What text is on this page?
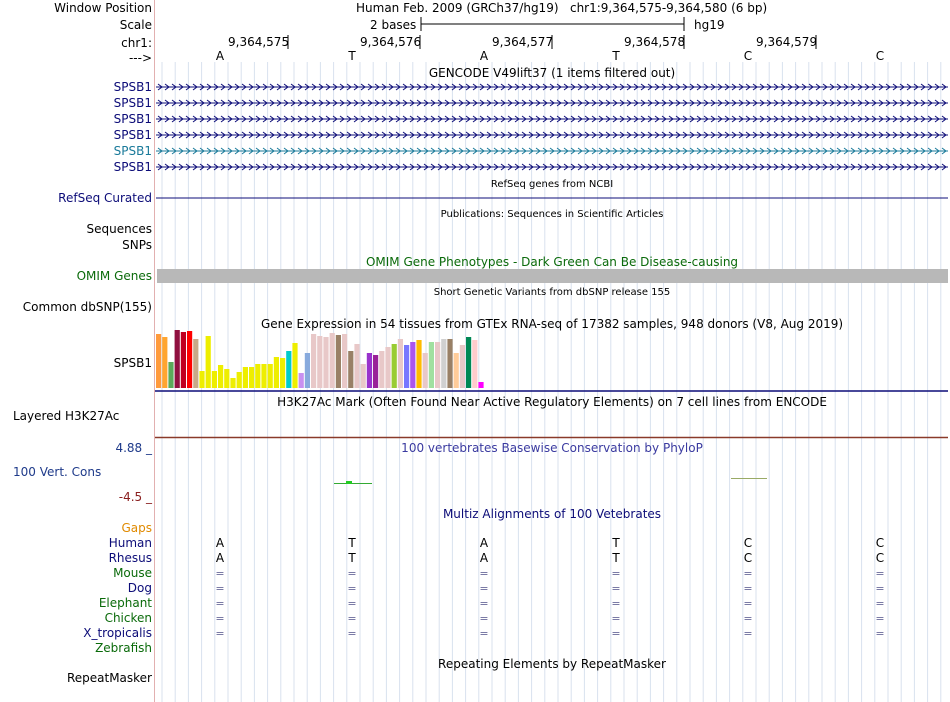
Window Position	Human Feb. 2009 (GRCh37/hg19) chr1:9,364,575-9,364,580 (6 bp)
Scale	2 bases	hg19
chr1:
--->
9,364,575	9,364,576	9,364,577	9,364,578	9,364,579
A	T	A	T	C	C
GENCODE V49lift37 (1 items filtered out)
SPSB1
SPSB1
SPSB1
SPSB1
SPSB1
SPSB1
RefSeq genes from NCBI
RefSeq Curated
Publications: Sequences in Scientific Articles
Sequences
SNPs
OMIM Gene Phenotypes - Dark Green Can Be Disease-causing
OMIM Genes
Short Genetic Variants from dbSNP release 155
Common dbSNP(155)
Gene Expression in 54 tissues from GTEx RNA-seq of 17382 samples, 948 donors (V8, Aug 2019)
SPSB1
H3K27Ac Mark (Often Found Near Active Regulatory Elements) on 7 cell lines from ENCODE
Layered H3K27Ac
100 vertebrates Basewise Conservation by PhyloP
4.88 _
100 Vert. Cons
-4.5 _
Multiz Alignments of 100 Vetebrates
Gaps
Human	A	T	A	T	C	C
Rhesus	A	T	A	T	C	C
Mouse	=	=	=	=	=	=
Dog	=	=	=	=	=	=
Elephant	=	=	=	=	=	=
Chicken	=	=	=	=	=	=
X_tropicalis	=	=	=	=	=	=
Zebrafish
Repeating Elements by RepeatMasker
RepeatMasker
